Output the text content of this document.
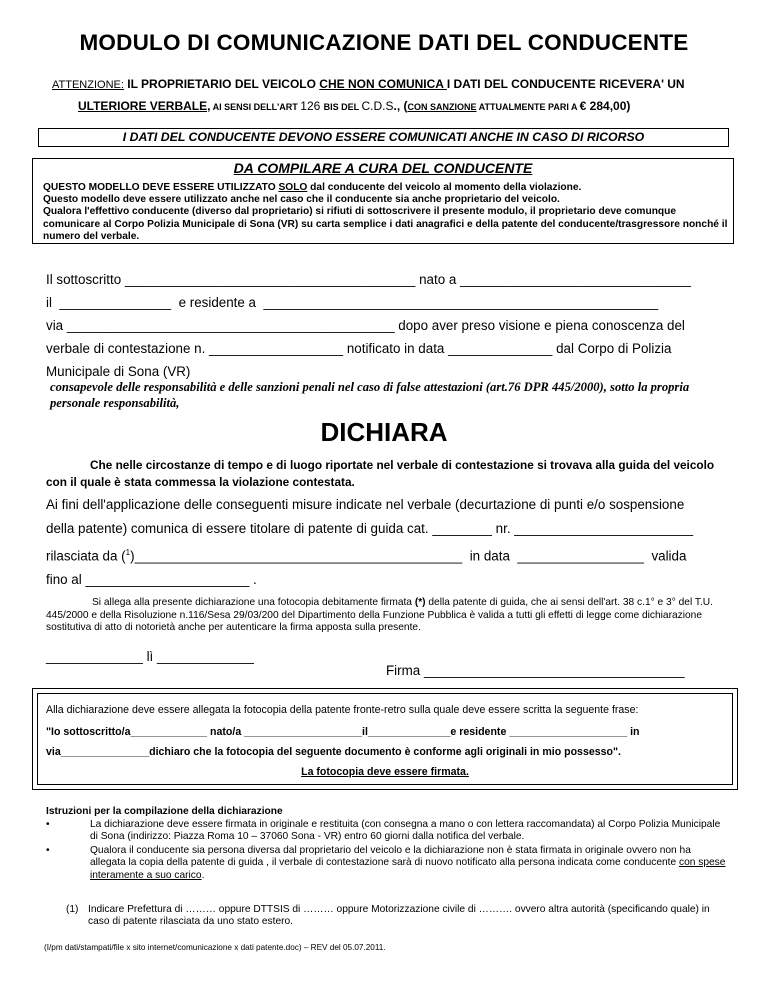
MODULO DI COMUNICAZIONE DATI DEL CONDUCENTE
ATTENZIONE: IL PROPRIETARIO DEL VEICOLO CHE NON COMUNICA I DATI DEL CONDUCENTE RICEVERA' UN
ULTERIORE VERBALE, AI SENSI DELL'ART 126 BIS DEL C.D.S., (CON SANZIONE ATTUALMENTE PARI A € 284,00)
I DATI DEL CONDUCENTE DEVONO ESSERE COMUNICATI ANCHE IN CASO DI RICORSO
DA COMPILARE A CURA DEL CONDUCENTE
QUESTO MODELLO DEVE ESSERE UTILIZZATO SOLO dal conducente del veicolo al momento della violazione.
Questo modello deve essere utilizzato anche nel caso che il conducente sia anche proprietario del veicolo.
Qualora l'effettivo conducente (diverso dal proprietario) si rifiuti di sottoscrivere il presente modulo, il proprietario deve comunque comunicare al Corpo Polizia Municipale di Sona (VR) su carta semplice i dati anagrafici e della patente del conducente/trasgressore nonché il numero del verbale.
Il sottoscritto _______________________________________ nato a _______________________________
il _______________ e residente a _____________________________________________________
via ____________________________________________ dopo aver preso visione e piena conoscenza del
verbale di contestazione n. __________________ notificato in data ______________ dal Corpo di Polizia
Municipale di Sona (VR)
consapevole delle responsabilità e delle sanzioni penali nel caso di false attestazioni (art.76 DPR 445/2000), sotto la propria personale responsabilità,
DICHIARA
Che nelle circostanze di tempo e di luogo riportate nel verbale di contestazione si trovava alla guida del veicolo con il quale è stata commessa la violazione contestata.
Ai fini dell'applicazione delle conseguenti misure indicate nel verbale (decurtazione di punti e/o sospensione
della patente) comunica di essere titolare di patente di guida cat. ________ nr. ________________________
rilasciata da ($^1$)____________________________________________ in data _________________ valida
fino al ______________________ .
Si allega alla presente dichiarazione una fotocopia debitamente firmata (*) della patente di guida, che ai sensi dell'art. 38 c.1° e 3° del T.U. 445/2000 e della Risoluzione n.116/Sesa 29/03/200 del Dipartimento della Funzione Pubblica è valida a tutti gli effetti di legge come dichiarazione sostitutiva di atto di notorietà anche per autenticare la firma apposta sulla presente.
_____________ lì _____________
Firma ___________________________________
Alla dichiarazione deve essere allegata la fotocopia della patente fronte-retro sulla quale deve essere scritta la seguente frase:
"Io sottoscritto/a_____________ nato/a ____________________il______________e residente ____________________ in
via_______________dichiaro che la fotocopia del seguente documento è conforme agli originali in mio possesso".
La fotocopia deve essere firmata.
Istruzioni per la compilazione della dichiarazione
•	La dichiarazione deve essere firmata in originale e restituita (con consegna a mano o con lettera raccomandata) al Corpo Polizia Municipale di Sona (indirizzo: Piazza Roma 10 – 37060 Sona - VR) entro 60 giorni dalla notifica del verbale.
•	Qualora il conducente sia persona diversa dal proprietario del veicolo e la dichiarazione non è stata firmata in originale ovvero non ha allegata la copia della patente di guida , il verbale di contestazione sarà di nuovo notificato alla persona indicata come conducente con spese interamente a suo carico.
(1) Indicare Prefettura di ……… oppure DTTSIS di ……… oppure Motorizzazione civile di ………. ovvero altra autorità (specificando quale) in caso di patente rilasciata da uno stato estero.
(I/pm dati/stampati/file x sito internet/comunicazione x dati patente.doc) – REV del 05.07.2011.
